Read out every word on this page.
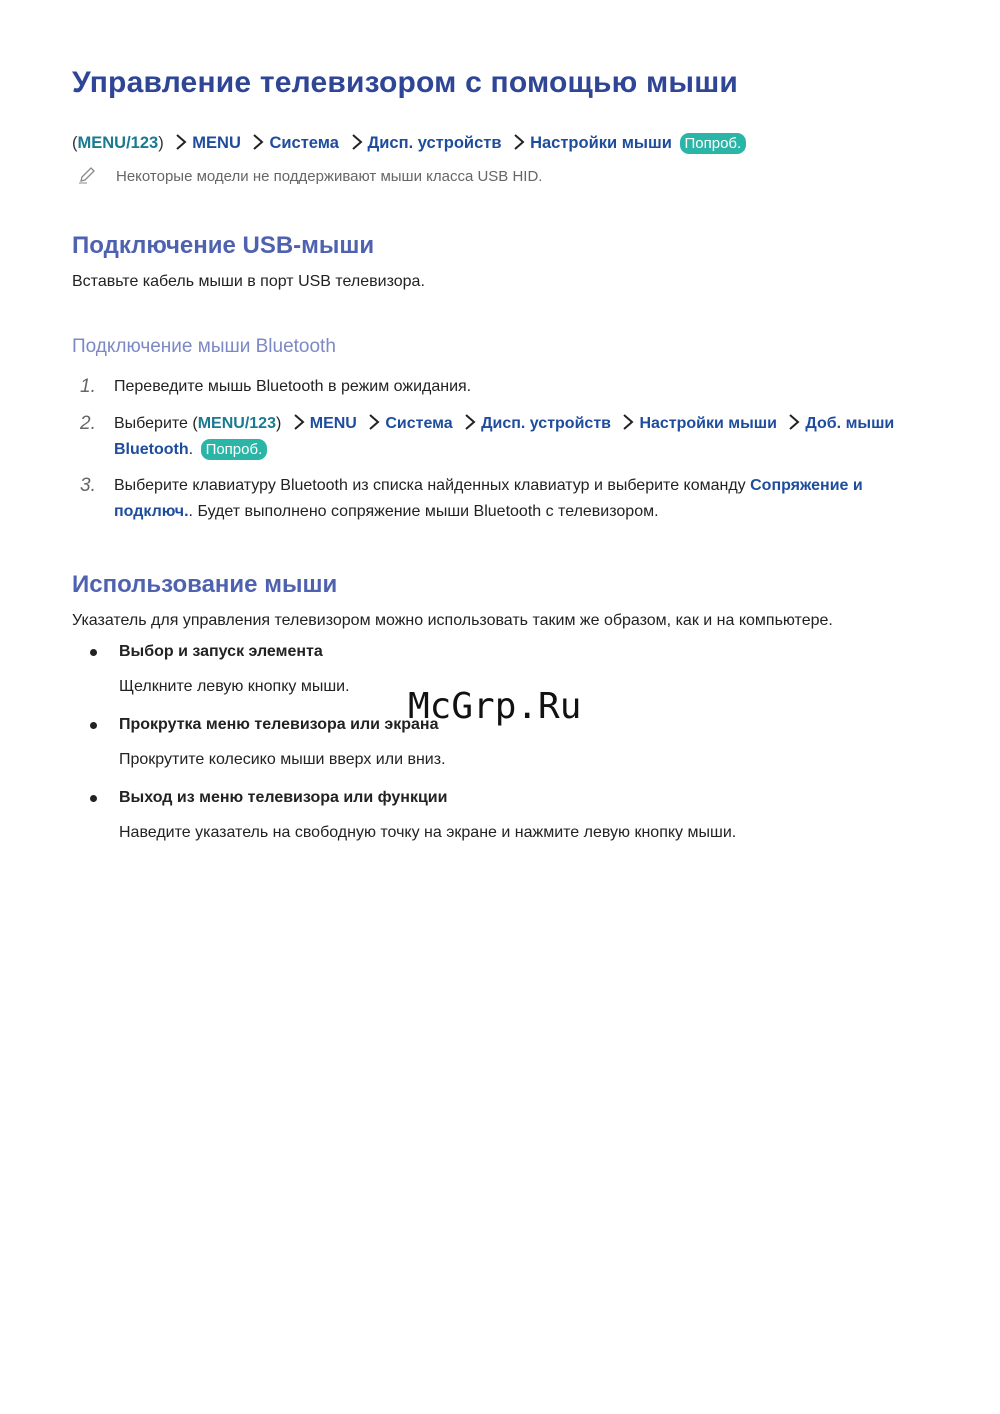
Управление телевизором с помощью мыши
(MENU/123) MENU Система Дисп. устройств Настройки мыши Попроб.
Некоторые модели не поддерживают мыши класса USB HID.
Подключение USB-мыши
Вставьте кабель мыши в порт USB телевизора.
Подключение мыши Bluetooth
1. Переведите мышь Bluetooth в режим ожидания.
2. Выберите (MENU/123) MENU Система Дисп. устройств Настройки мыши Доб. мыши
Bluetooth. Попроб.
3. Выберите клавиатуру Bluetooth из списка найденных клавиатур и выберите команду Сопряжение и
подключ.. Будет выполнено сопряжение мыши Bluetooth с телевизором.
Использование мыши
Указатель для управления телевизором можно использовать таким же образом, как и на компьютере.
Выбор и запуск элемента
Щелкните левую кнопку мыши.
Прокрутка меню телевизора или экрана
Прокрутите колесико мыши вверх или вниз.
Выход из меню телевизора или функции
Наведите указатель на свободную точку на экране и нажмите левую кнопку мыши.
McGrp.Ru
